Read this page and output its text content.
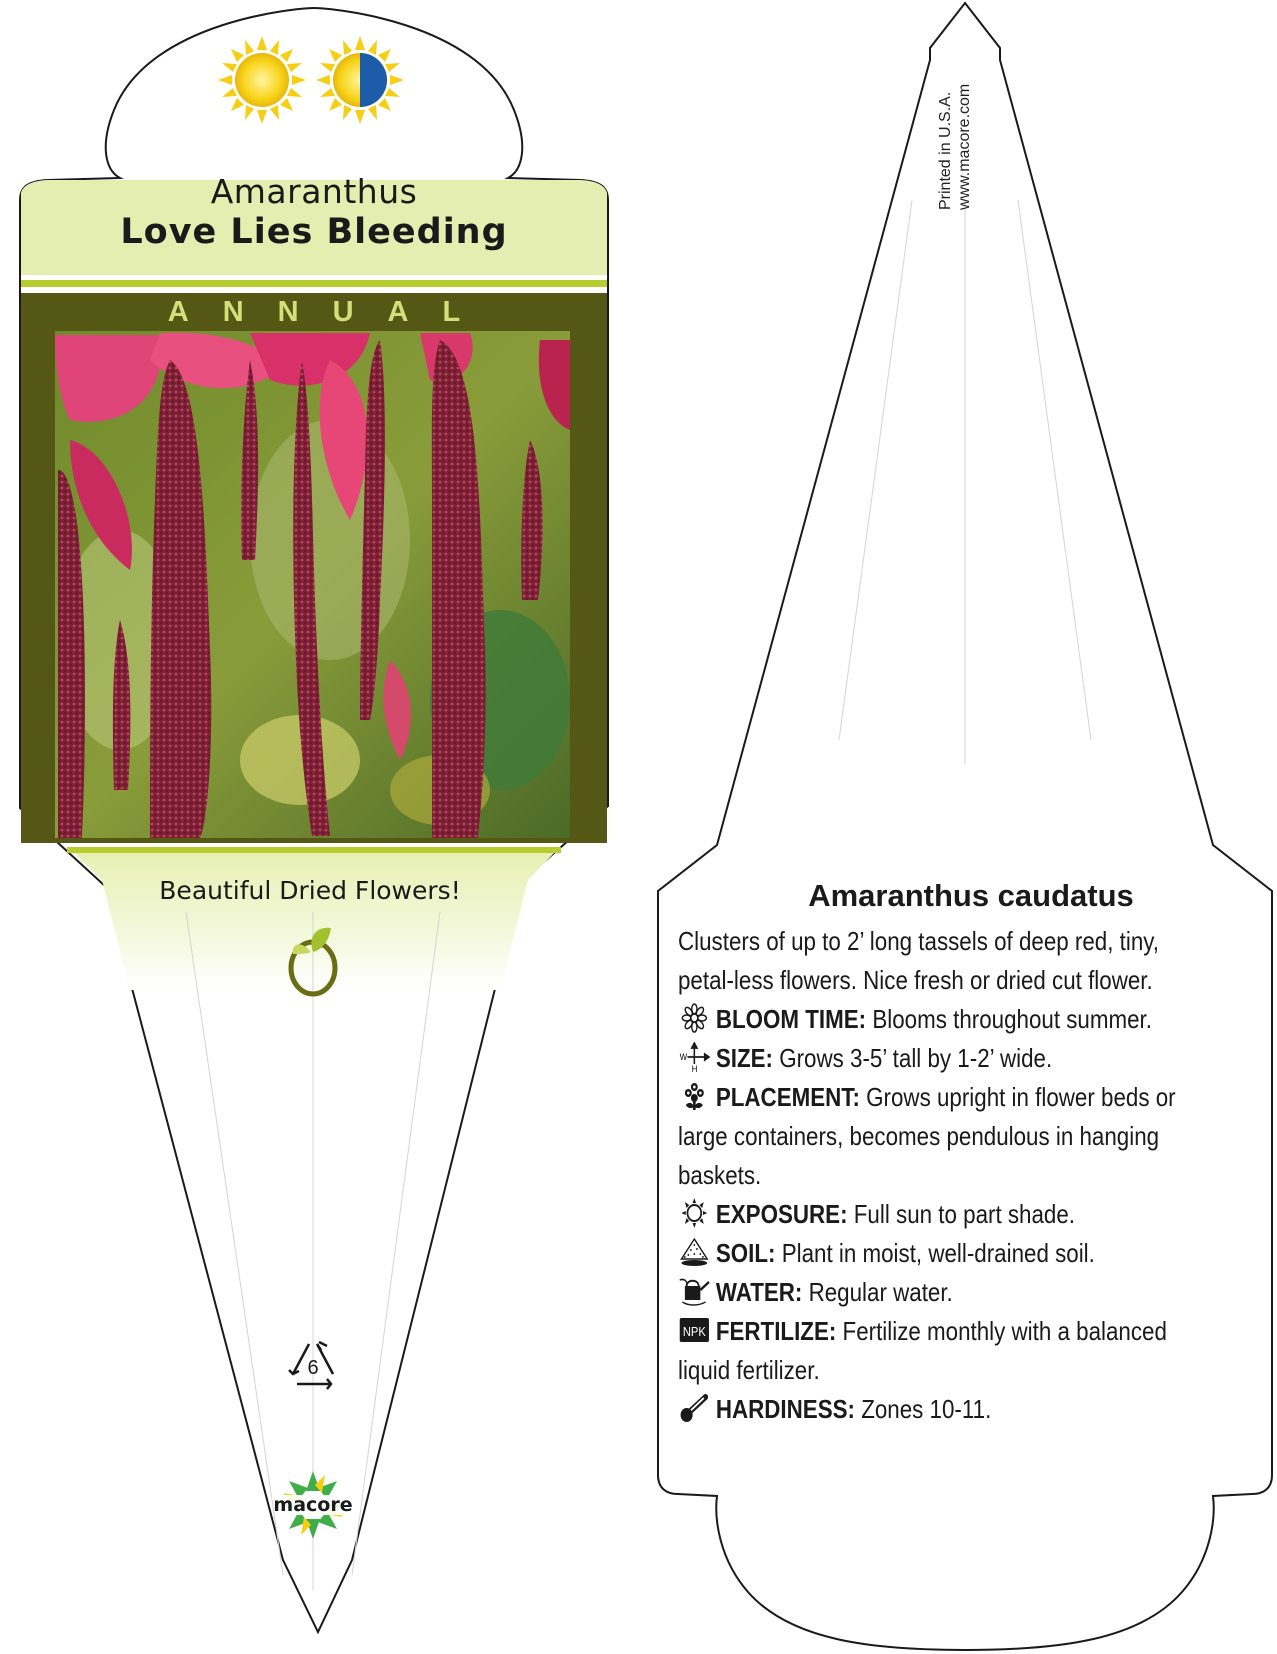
6
macore
Amaranthus
Love Lies Bleeding
ANNUAL
Beautiful Dried Flowers!
Printed in U.S.A. www.macore.com
Amaranthus caudatus
Clusters of up to 2’ long tassels of deep red, tiny, petal-less flowers. Nice fresh or dried cut flower.
BLOOM TIME: Blooms throughout summer.
W
H SIZE: Grows 3-5’ tall by 1-2’ wide.
PLACEMENT: Grows upright in flower beds or large containers, becomes pendulous in hanging baskets.
EXPOSURE: Full sun to part shade.
SOIL: Plant in moist, well-drained soil.
WATER: Regular water.
NPK FERTILIZE: Fertilize monthly with a balanced liquid fertilizer.
HARDINESS: Zones 10-11.
